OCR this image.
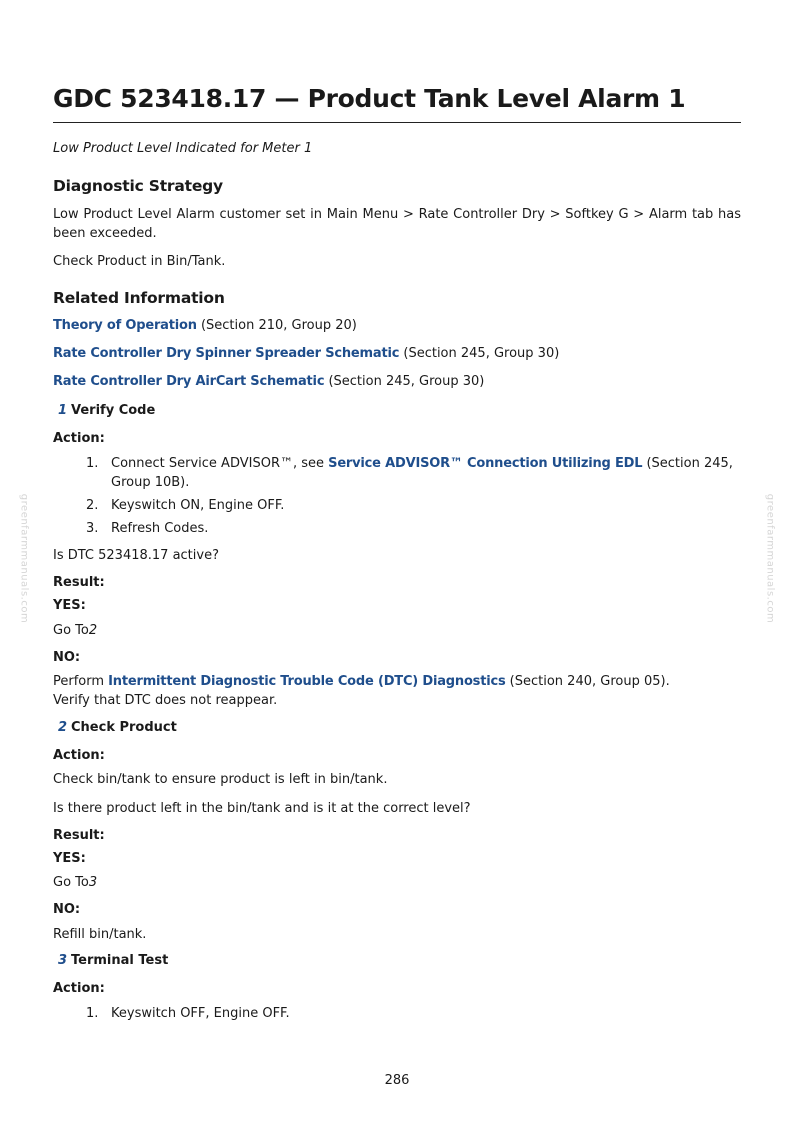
greenfarmmanuals.com	greenfarmmanuals.com
GDC 523418.17 — Product Tank Level Alarm 1

Low Product Level Indicated for Meter 1

Diagnostic Strategy

Low Product Level Alarm customer set in Main Menu > Rate Controller Dry > Softkey G > Alarm tab has been exceeded.

Check Product in Bin/Tank.

Related Information

Theory of Operation (Section 210, Group 20)

Rate Controller Dry Spinner Spreader Schematic (Section 245, Group 30)

Rate Controller Dry AirCart Schematic (Section 245, Group 30)

1 Verify Code
Action:
1. Connect Service ADVISOR™, see Service ADVISOR™ Connection Utilizing EDL (Section 245, Group 10B).
2. Keyswitch ON, Engine OFF.
3. Refresh Codes.

Is DTC 523418.17 active?

Result:
YES:

Go To2

NO:

Perform Intermittent Diagnostic Trouble Code (DTC) Diagnostics (Section 240, Group 05).
Verify that DTC does not reappear.

2 Check Product
Action:

Check bin/tank to ensure product is left in bin/tank.

Is there product left in the bin/tank and is it at the correct level?

Result:
YES:

Go To3

NO:

Refill bin/tank.

3 Terminal Test
Action:
1. Keyswitch OFF, Engine OFF.
286
